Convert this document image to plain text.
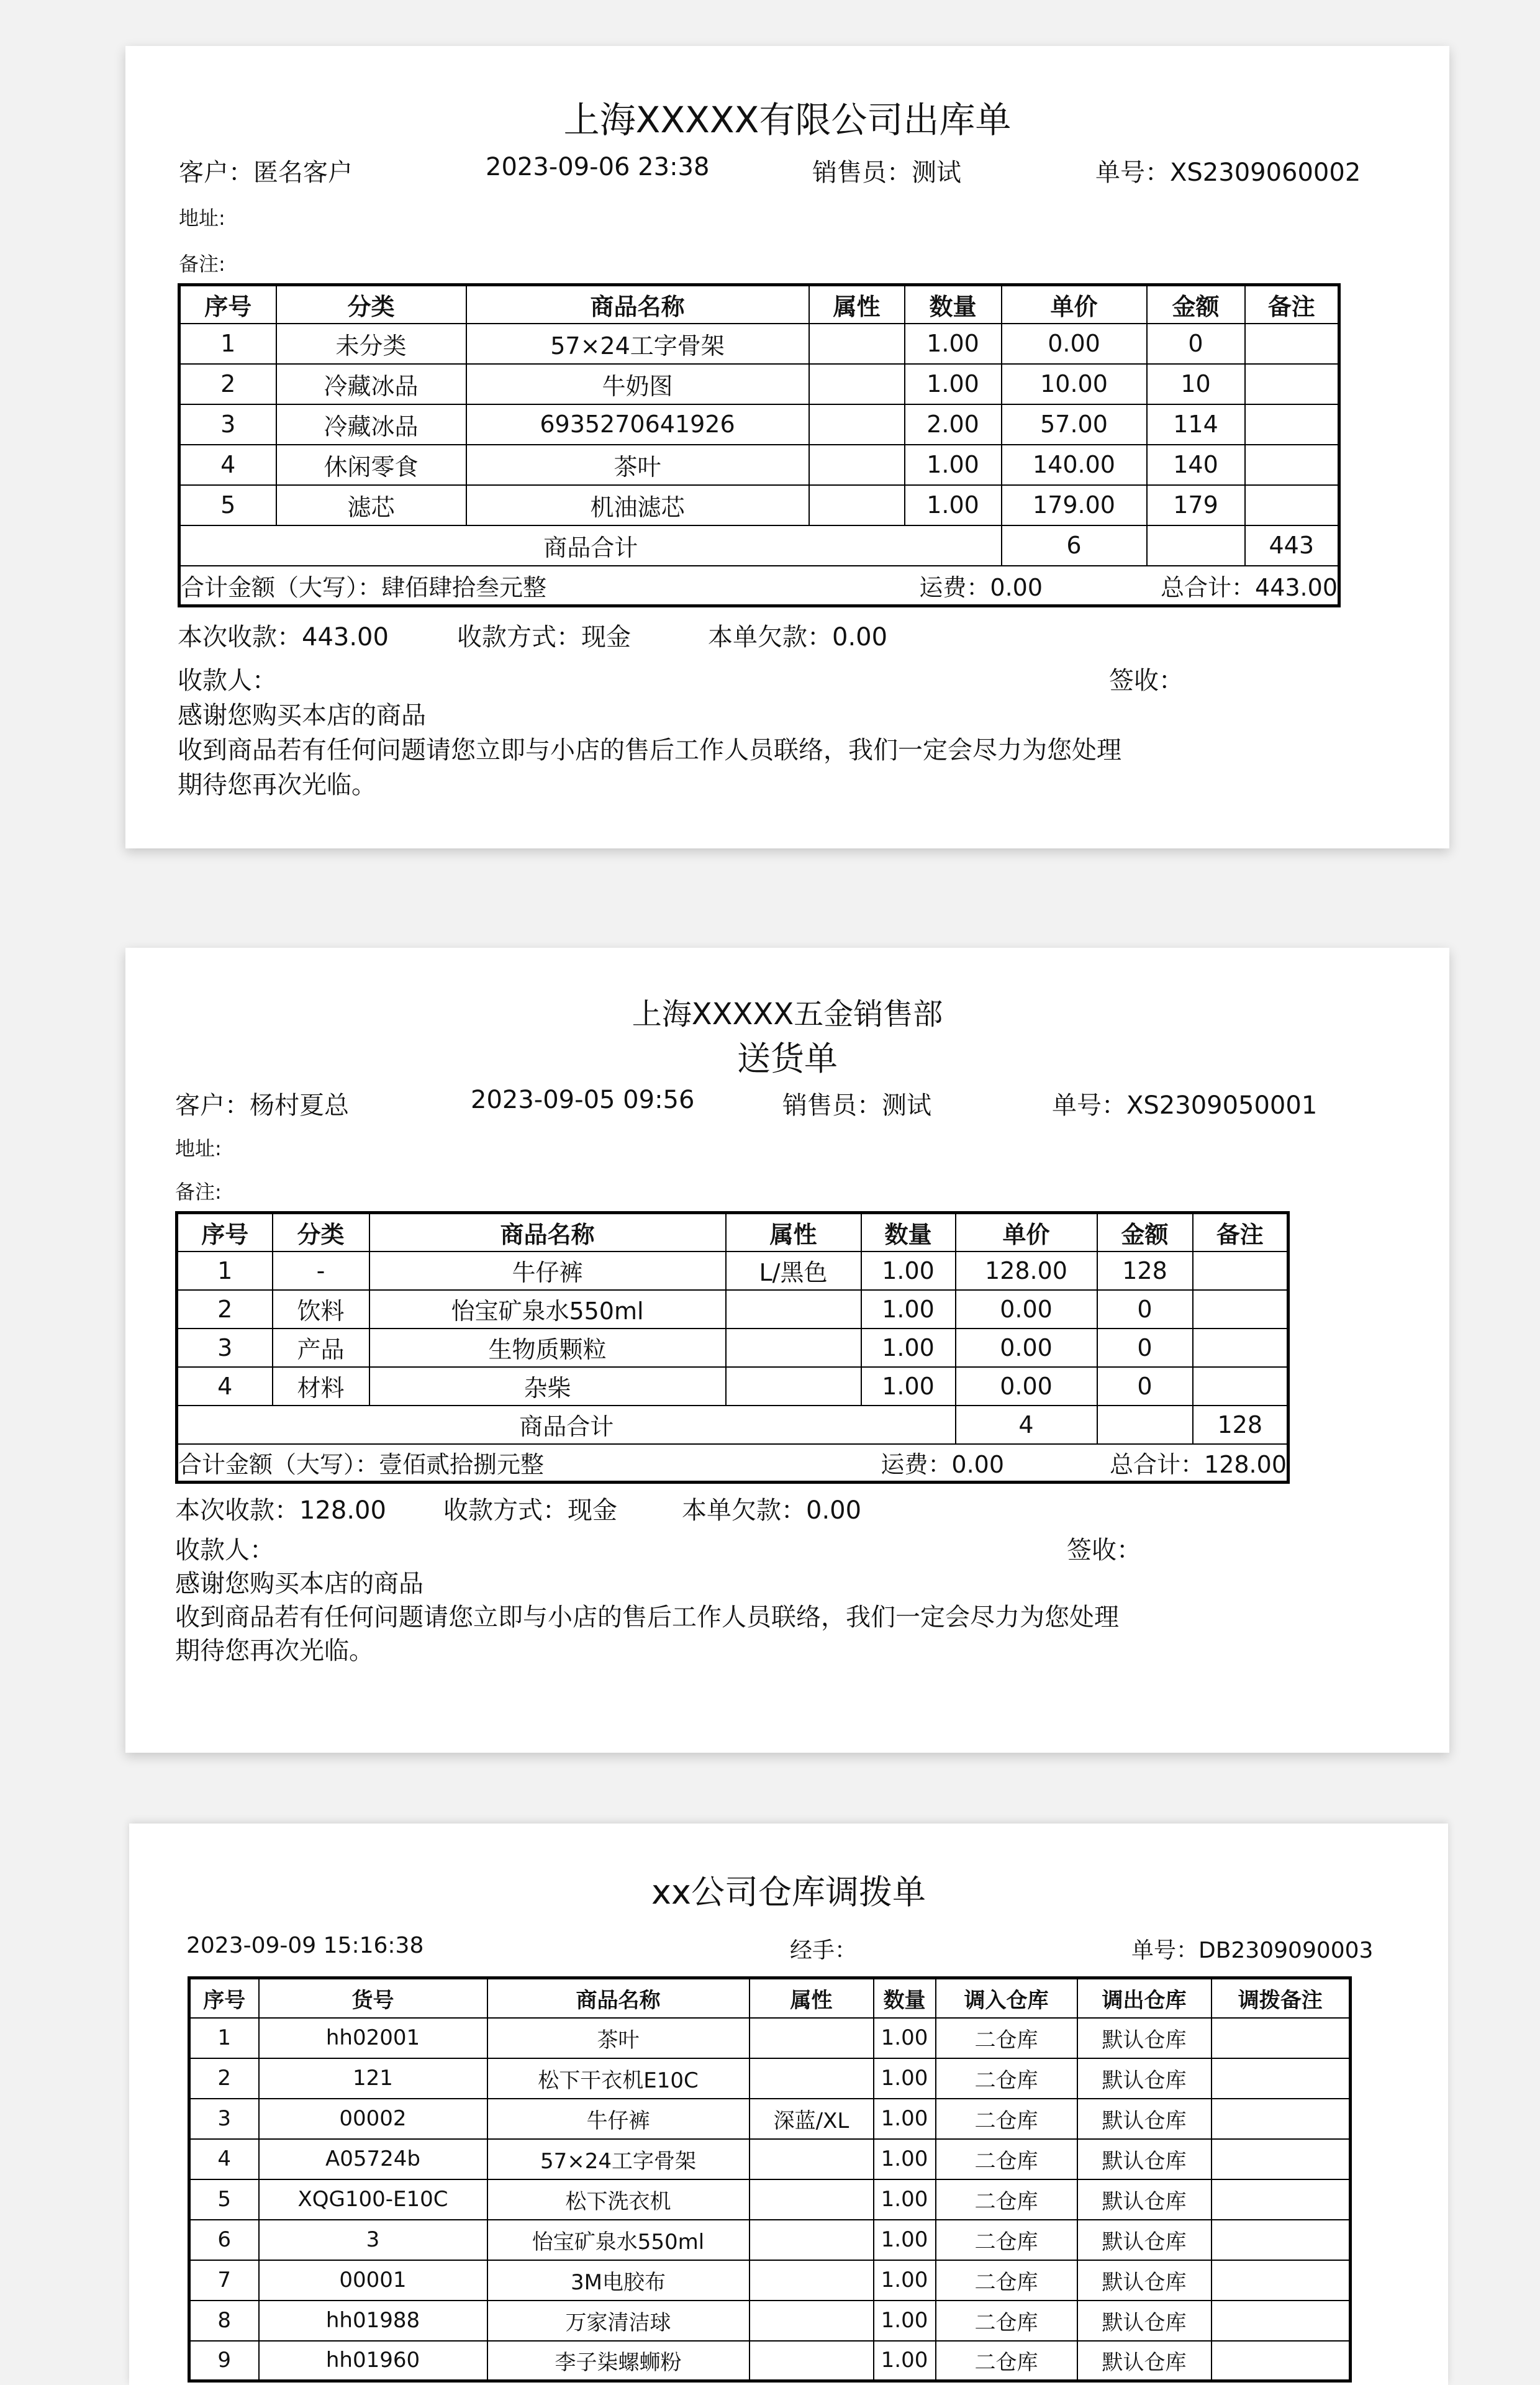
上海XXXXX有限公司出库单
客户：匿名客户	2023-09-06 23:38	销售员：测试	单号：XS2309060002
地址:
备注:
序号	分类	商品名称	属性	数量	单价	金额	备注
1	未分类	57×24工字骨架		1.00	0.00	0	
2	冷藏冰品	牛奶图		1.00	10.00	10	
3	冷藏冰品	6935270641926		2.00	57.00	114	
4	休闲零食	茶叶		1.00	140.00	140	
5	滤芯	机油滤芯		1.00	179.00	179	
商品合计					6		443

合计金额（大写）：肆佰肆拾叁元整 运费：0.00 总合计：443.00							
本次收款：443.00	收款方式：现金	本单欠款：0.00
收款人：	签收：
感谢您购买本店的商品
收到商品若有任何问题请您立即与小店的售后工作人员联络，我们一定会尽力为您处理
期待您再次光临。
上海XXXXX五金销售部
送货单
客户：杨村夏总	2023-09-05 09:56	销售员：测试	单号：XS2309050001
地址:
备注:
序号	分类	商品名称	属性	数量	单价	金额	备注
1	-	牛仔裤	L/黑色	1.00	128.00	128	
2	饮料	怡宝矿泉水550ml		1.00	0.00	0	
3	产品	生物质颗粒		1.00	0.00	0	
4	材料	杂柴		1.00	0.00	0	
商品合计					4		128

合计金额（大写）：壹佰贰拾捌元整 运费：0.00 总合计：128.00							
本次收款：128.00 收款方式：现金	本单欠款：0.00
收款人：	签收：
感谢您购买本店的商品
收到商品若有任何问题请您立即与小店的售后工作人员联络，我们一定会尽力为您处理
期待您再次光临。
xx公司仓库调拨单
2023-09-09 15:16:38	经手：	单号：DB2309090003
序号	货号	商品名称	属性	数量	调入仓库	调出仓库	调拨备注
1	hh02001	茶叶		1.00	二仓库	默认仓库	
2	121	松下干衣机E10C		1.00	二仓库	默认仓库	
3	00002	牛仔裤	深蓝/XL	1.00	二仓库	默认仓库	
4	A05724b	57×24工字骨架		1.00	二仓库	默认仓库	
5	XQG100-E10C	松下洗衣机		1.00	二仓库	默认仓库	
6	3	怡宝矿泉水550ml		1.00	二仓库	默认仓库	
7	00001	3M电胶布		1.00	二仓库	默认仓库	
8	hh01988	万家清洁球		1.00	二仓库	默认仓库	
9	hh01960	李子柒螺蛳粉		1.00	二仓库	默认仓库	
